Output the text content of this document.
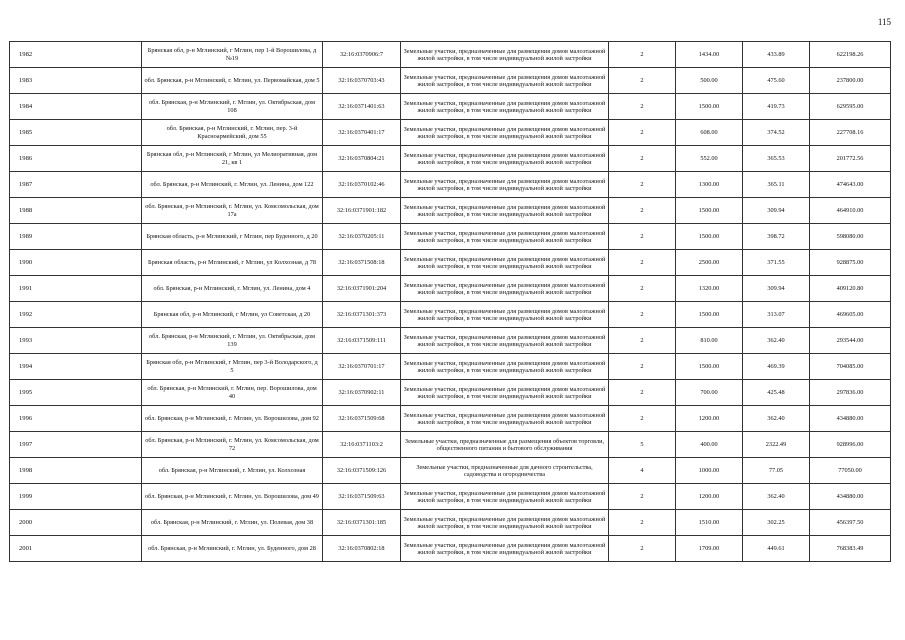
115
1982	Брянская обл, р-н Мглинский, г Мглин, пер 1-й Ворошилова, д №19	32:16:0370906:7	Земельные участки, предназначенные для размещения домов малоэтажной жилой застройки, в том числе индивидуальной жилой застройки	2	1434.00	433.89	622198.26
1983	обл. Брянская, р-н Мглинский, г. Мглин, ул. Первомайская, дом 5	32:16:0370703:43	Земельные участки, предназначенные для размещения домов малоэтажной жилой застройки, в том числе индивидуальной жилой застройки	2	500.00	475.60	237800.00
1984	обл. Брянская, р-н Мглинский, г. Мглин, ул. Октябрьская, дом 108	32:16:0371401:63	Земельные участки, предназначенные для размещения домов малоэтажной жилой застройки, в том числе индивидуальной жилой застройки	2	1500.00	419.73	629595.00
1985	обл. Брянская, р-н Мглинский, г. Мглин, пер. 3-й Красноармейский, дом 55	32:16:0370401:17	Земельные участки, предназначенные для размещения домов малоэтажной жилой застройки, в том числе индивидуальной жилой застройки	2	608.00	374.52	227708.16
1986	Брянская обл, р-н Мглинский, г Мглин, ул Мелиоративная, дом 21, кв 1	32:16:0370804:21	Земельные участки, предназначенные для размещения домов малоэтажной жилой застройки, в том числе индивидуальной жилой застройки	2	552.00	365.53	201772.56
1987	обл. Брянская, р-н Мглинский, г. Мглин, ул. Ленина, дом 122	32:16:0370102:46	Земельные участки, предназначенные для размещения домов малоэтажной жилой застройки, в том числе индивидуальной жилой застройки	2	1300.00	365.11	474643.00
1988	обл. Брянская, р-н Мглинский, г. Мглин, ул. Комсомольская, дом 17а	32:16:0371901:182	Земельные участки, предназначенные для размещения домов малоэтажной жилой застройки, в том числе индивидуальной жилой застройки	2	1500.00	309.94	464910.00
1989	Брянская область, р-н Мглинский, г Мглин, пер Буденного, д 20	32:16:0370205:11	Земельные участки, предназначенные для размещения домов малоэтажной жилой застройки, в том числе индивидуальной жилой застройки	2	1500.00	398.72	598080.00
1990	Брянская область, р-н Мглинский, г Мглин, ул Колхозная, д 78	32:16:0371508:18	Земельные участки, предназначенные для размещения домов малоэтажной жилой застройки, в том числе индивидуальной жилой застройки	2	2500.00	371.55	928875.00
1991	обл. Брянская, р-н Мглинский, г. Мглин, ул. Ленина, дом 4	32:16:0371901:204	Земельные участки, предназначенные для размещения домов малоэтажной жилой застройки, в том числе индивидуальной жилой застройки	2	1320.00	309.94	409120.80
1992	Брянская обл, р-н Мглинский, г Мглин, ул Советская, д 20	32:16:0371301:373	Земельные участки, предназначенные для размещения домов малоэтажной жилой застройки, в том числе индивидуальной жилой застройки	2	1500.00	313.07	469605.00
1993	обл. Брянская, р-н Мглинский, г. Мглин, ул. Октябрьская, дом 139	32:16:0371509:111	Земельные участки, предназначенные для размещения домов малоэтажной жилой застройки, в том числе индивидуальной жилой застройки	2	810.00	362.40	293544.00
1994	Брянская обл, р-н Мглинский, г Мглин, пер 3-й Володарского, д 5	32:16:0370701:17	Земельные участки, предназначенные для размещения домов малоэтажной жилой застройки, в том числе индивидуальной жилой застройки	2	1500.00	469.39	704085.00
1995	обл. Брянская, р-н Мглинский, г. Мглин, пер. Ворошилова, дом 40	32:16:0370902:11	Земельные участки, предназначенные для размещения домов малоэтажной жилой застройки, в том числе индивидуальной жилой застройки	2	700.00	425.48	297836.00
1996	обл. Брянская, р-н Мглинский, г. Мглин, ул. Ворошилова, дом 92	32:16:0371509:68	Земельные участки, предназначенные для размещения домов малоэтажной жилой застройки, в том числе индивидуальной жилой застройки	2	1200.00	362.40	434880.00
1997	обл. Брянская, р-н Мглинский, г. Мглин, ул. Комсомольская, дом 72	32:16:0371103:2	Земельные участки, предназначенные для размещения объектов торговли, общественного питания и бытового обслуживания	5	400.00	2322.49	928996.00
1998	обл. Брянская, р-н Мглинский, г. Мглин, ул. Колхозная	32:16:0371509:126	Земельные участки, предназначенные для дачного строительства, садоводства и огородничества	4	1000.00	77.05	77050.00
1999	обл. Брянская, р-н Мглинский, г. Мглин, ул. Ворошилова, дом 49	32:16:0371509:63	Земельные участки, предназначенные для размещения домов малоэтажной жилой застройки, в том числе индивидуальной жилой застройки	2	1200.00	362.40	434880.00
2000	обл. Брянская, р-н Мглинский, г. Мглин, ул. Полевая, дом 38	32:16:0371301:185	Земельные участки, предназначенные для размещения домов малоэтажной жилой застройки, в том числе индивидуальной жилой застройки	2	1510.00	302.25	456397.50
2001	обл. Брянская, р-н Мглинский, г. Мглин, ул. Буденного, дом 28	32:16:0370802:18	Земельные участки, предназначенные для размещения домов малоэтажной жилой застройки, в том числе индивидуальной жилой застройки	2	1709.00	449.61	768383.49
